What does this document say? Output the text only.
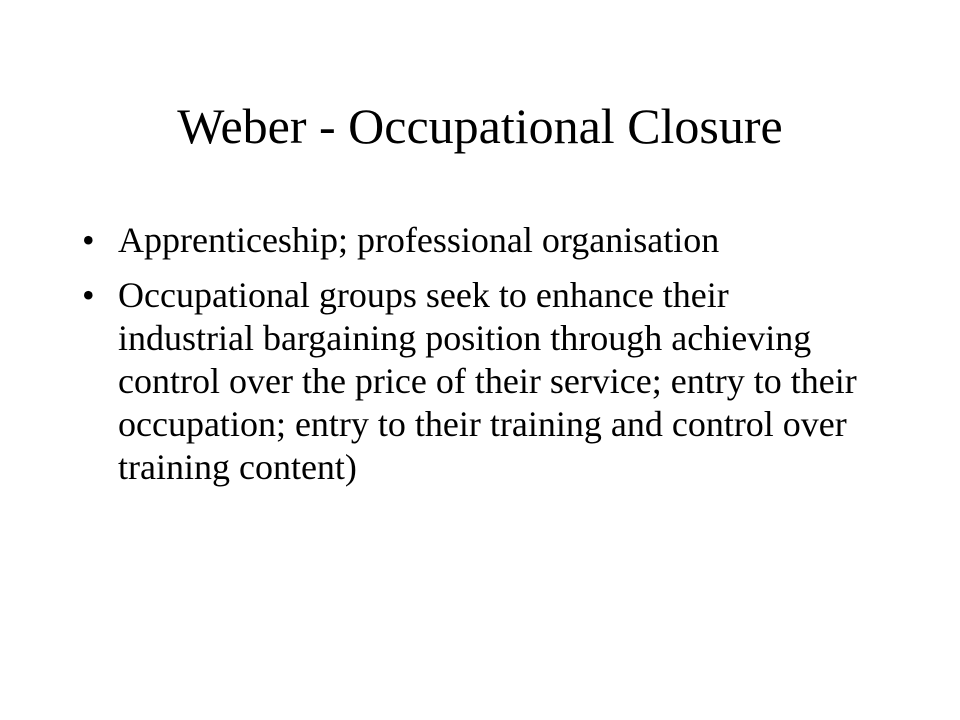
Weber - Occupational Closure
• Apprenticeship; professional organisation
• Occupational groups seek to enhance their industrial bargaining position through achieving control over the price of their service; entry to their occupation; entry to their training and control over training content)
